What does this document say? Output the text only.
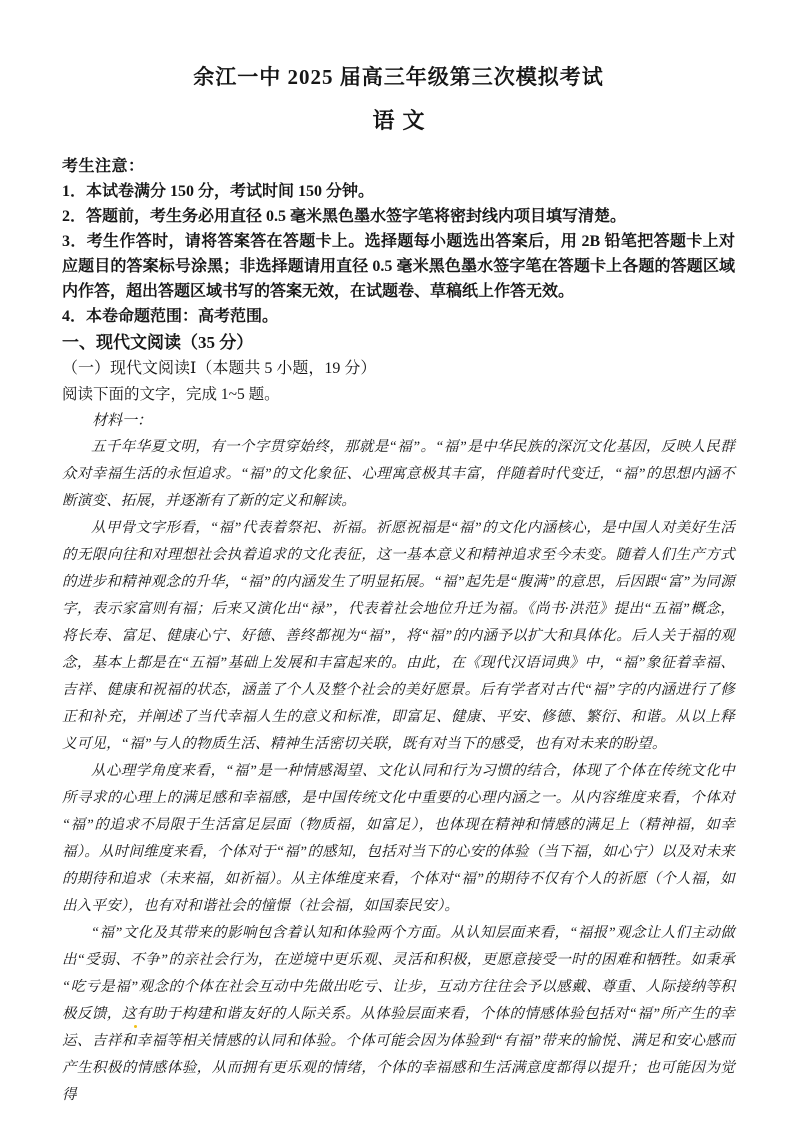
余江一中 2025 届高三年级第三次模拟考试
语文

考生注意：

1．本试卷满分 150 分，考试时间 150 分钟。

2．答题前，考生务必用直径 0.5 毫米黑色墨水签字笔将密封线内项目填写清楚。

3．考生作答时，请将答案答在答题卡上。选择题每小题选出答案后，用 2B 铅笔把答题卡上对应题目的答案标号涂黑；非选择题请用直径 0.5 毫米黑色墨水签字笔在答题卡上各题的答题区域内作答，超出答题区域书写的答案无效，在试题卷、草稿纸上作答无效。

4．本卷命题范围：高考范围。

一、现代文阅读（35 分）

（一）现代文阅读Ⅰ（本题共 5 小题，19 分）

阅读下面的文字，完成 1~5 题。

材料一：

五千年华夏文明，有一个字贯穿始终，那就是“福”。“福”是中华民族的深沉文化基因，反映人民群众对幸福生活的永恒追求。“福”的文化象征、心理寓意极其丰富，伴随着时代变迁，“福”的思想内涵不断演变、拓展，并逐渐有了新的定义和解读。

从甲骨文字形看，“福”代表着祭祀、祈福。祈愿祝福是“福”的文化内涵核心，是中国人对美好生活的无限向往和对理想社会执着追求的文化表征，这一基本意义和精神追求至今未变。随着人们生产方式的进步和精神观念的升华，“福”的内涵发生了明显拓展。“福”起先是“腹满”的意思，后因跟“富”为同源字，表示家富则有福；后来又演化出“禄”，代表着社会地位升迁为福。《尚书·洪范》提出“五福”概念，将长寿、富足、健康心宁、好德、善终都视为“福”，将“福”的内涵予以扩大和具体化。后人关于福的观念，基本上都是在“五福”基础上发展和丰富起来的。由此，在《现代汉语词典》中，“福”象征着幸福、吉祥、健康和祝福的状态，涵盖了个人及整个社会的美好愿景。后有学者对古代“福”字的内涵进行了修正和补充，并阐述了当代幸福人生的意义和标准，即富足、健康、平安、修德、繁衍、和谐。从以上释义可见，“福”与人的物质生活、精神生活密切关联，既有对当下的感受，也有对未来的盼望。

从心理学角度来看，“福”是一种情感渴望、文化认同和行为习惯的结合，体现了个体在传统文化中所寻求的心理上的满足感和幸福感，是中国传统文化中重要的心理内涵之一。从内容维度来看，个体对“福”的追求不局限于生活富足层面（物质福，如富足），也体现在精神和情感的满足上（精神福，如幸福）。从时间维度来看，个体对于“福”的感知，包括对当下的心安的体验（当下福，如心宁）以及对未来的期待和追求（未来福，如祈福）。从主体维度来看，个体对“福”的期待不仅有个人的祈愿（个人福，如出入平安），也有对和谐社会的憧憬（社会福，如国泰民安）。

“福”文化及其带来的影响包含着认知和体验两个方面。从认知层面来看，“福报”观念让人们主动做出“受弱、不争”的亲社会行为，在逆境中更乐观、灵活和积极，更愿意接受一时的困难和牺牲。如秉承“吃亏是福”观念的个体在社会互动中先做出吃亏、让步，互动方往往会予以感戴、尊重、人际接纳等积极反馈，这有助于构建和谐友好的人际关系。从体验层面来看，个体的情感体验包括对“福”所产生的幸运、吉祥和幸福等相关情感的认同和体验。个体可能会因为体验到“有福”带来的愉悦、满足和安心感而产生积极的情感体验，从而拥有更乐观的情绪，个体的幸福感和生活满意度都得以提升；也可能因为觉得
